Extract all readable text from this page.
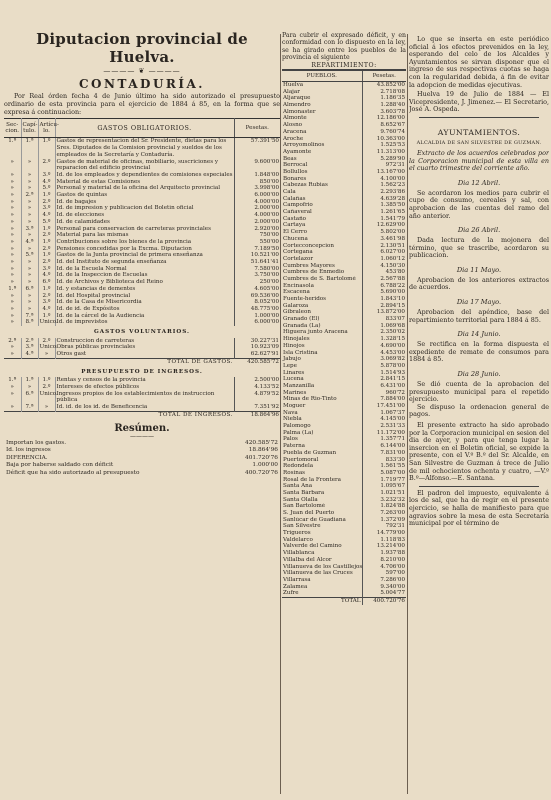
Diputacion provincial de Huelva.
———— ❦ ————
CONTADURÍA.
Por Real órden fecha 4 de Junio último ha sido autorizado el presupuesto ordinario de esta provincia para el ejercicio de 1884 á 85, en la forma que se expresa á continuacion:
Sec-cion.	Capí-tulo.	Artícu-lo.	GASTOS OBLIGATORIOS.	Pesetas.
1.ª	1.ª	1.º	Gastos de representacion del Sr. Presidente, dietas para los Sres. Diputados de la Comision provincial y sueldos de los empleados de la Secretaría y Contaduría.	57.391'50
»	»	2.º	Gastos de material de oficinas, mobiliario, suscriciones y reparacion del edificio provincial	9.600'00
»	»	3.º	Id. de los empleados y dependientes de comisiones especiales	1.848'00
»	»	4.º	Material de estas Comisiones	850'00
»	»	5.º	Personal y material de la oficina del Arquitecto provincial	3.998'00
»	2.ª	1.º	Gastos de quintas	6.000'00
»	»	2.º	Id. de bagajes	4.000'00
»	»	3.º	Id. de impresion y publicacion del Boletin oficial	2.000'00
»	»	4.º	Id. de elecciones	4.000'00
»	»	5.º	Id. de calamidades	2.000'00
»	3.ª	1.º	Personal para conservacion de carreteras provinciales	2.920'00
»	»	2.º	Material para las mismas	750'00
»	4.ª	1.º	Contribuciones sobre los bienes de la provincia	550'00
»	»	2.º	Pensiones concedidas por la Excma. Diputacion	7.189'50
»	5.ª	1.º	Gastos de la Junta provincial de primera enseñanza	10.521'00
»	»	2.º	Id. del Instituto de segunda enseñanza	51.641'41
»	»	3.º	Id. de la Escuela Normal	7.580'00
»	»	4.º	Id. de la Inspeccion de Escuelas	3.750'00
»	»	6.º	Id. de Archivos y Biblioteca del Reino	250'00
1.ª	6.ª	1.º	Id. y estancias de dementes	4.605'00
»	»	2.º	Id. del Hospital provincial	69.536'00
»	»	3.º	Id. de la Casa de Misericordia	8.052'00
»	»	4.º	Id. de id. de Expósitos	48.775'00
»	7.ª	1.º	Id. de la cárcel de la Audiencia	1.000'00
»	8.ª	Unico.	Id. de imprevistos	6.000'00
GASTOS VOLUNTARIOS.				
2.ª	2.ª	2.º	Construccion de carreteras	30.227'31
»	3.ª	Unico.	Obras públicas provinciales	10.923'09
»	4.ª	»	Otros gast	62.627'91
TOTAL DE GASTOS.				420.585'72
PRESUPUESTO DE INGRESOS.				
1.ª	1.ª	1.º	Rentas y censos de la provincia	2.500'00
»	»	2.º	Intereses de efectos públicos	4.133'52
»	6.ª	Unico.	Ingresos propios de los establecimientos de instruccion pública	4.879'52
»	7.ª	»	Id. id. de los id. de Beneficencia	7.351'92
TOTAL DE INGRESOS.				18.864'96
Resúmen.
————
Importan los gastos.	420.585'72
Id. los ingresos	18.864'96
DIFERENCIA.	401.720'76
Baja por haberse saldado con déficit	1.000'00
Déficit que ha sido autorizado al presupuesto	400.720'76
Para cubrir el expresado déficit, y en conformidad con lo dispuesto en la ley, se ha girado entre los pueblos de la provincia el siguiente
REPARTIMIENTO:
PUEBLOS.	Pesetas.
Huelva	43.852'00
Alajar	2.718'08
Aljaraque	1.186'35
Almendro	1.288'40
Almonaster	3.603'78
Almonte	12.186'00
Alosno	8.652'67
Aracena	9.760'74
Aroche	10.363'00
Arroyomolinos	1.525'53
Ayamonte	11.313'00
Beas	5.289'90
Berrocal	972'31
Bollullos	13.167'00
Bonares	4.100'00
Cabezas Rubias	1.562'23
Cala	2.293'86
Calañas	4.639'28
Campofrio	1.385'50
Cañaveral	1.261'65
Castaño	1.541'79
Cartaya	12.629'00
El Cerro	5.802'00
Chucena	3.461'98
Cortecconcepcion	2.130'51
Cortegana	6.027'00
Cortelazor	1.060'12
Cumbres Mayores	4.150'30
Cumbres de Enmedio	453'80
Cumbres de S. Bartolomé	2.567'88
Encinasola	6.788'22
Escacena	5.690'00
Fuente-heridos	1.843'10
Galaroza	2.894'15
Gibraleon	13.872'00
Granado (El)	833'07
Granada (La)	1.069'68
Higuera junto Aracena	2.350'02
Hinojales	1.328'15
Hinojos	4.690'00
Isla Cristina	4.453'00
Jabujo	3.069'82
Lepe	5.878'00
Linares	1.514'93
Lucena	2.841'15
Manzanilla	6.431'00
Marines	960'72
Minas de Rio-Tinto	7.884'00
Moguer	17.451'00
Nava	1.067'37
Niebla	4.145'00
Palomogo	2.531'33
Palma (La)	11.172'00
Palos	1.357'71
Paterna	6.144'00
Puebla de Guzman	7.831'00
Puertomoral	833'30
Redondela	1.561'55
Rosinas	5.087'00
Rosal de la Frontera	1.719'77
Santa Ana	1.095'67
Santa Bárbara	1.021'51
Santa Olalla	3.232'32
San Bartolomé	1.824'88
S. Juan del Puerto	7.263'00
Sanlúcar de Guadiana	1.372'09
San Silvestre	792'31
Trigueros	14.779'00
Valdelarco	1.118'83
Valverde del Camino	13.214'00
Villablanca	1.937'88
Villalba del Alcor	8.210'00
Villanueva de los Castillejos	4.706'00
Villanueva de las Cruces	597'00
Villarrasa	7.286'00
Zalamea	9.340'00
Zufre	5.004'77
TOTAL	400.720'76

Lo que se inserta en este periódico oficial á los efectos prevenidos en la ley, esperando del celo de los Alcaldes y Ayuntamientos se sirvan disponer que el ingreso de sus respectivas cuotas se haga con la regularidad debida, á fin de evitar la adopcion de medidas ejecutivas.

Huelva 19 de Julio de 1884 — El Vicepresidente, J. Jimenez.— El Secretario, José A. Ospeda.

AYUNTAMIENTOS.
ALCALDIA DE SAN SILVESTRE DE GUZMAN.

Extracto de los acuerdos celebrados por la Corporacion municipal de esta villa en el cuarto trimestre del corriente año.

Dia 12 Abril.

Se acordaron los medios para cubrir el cupo de consumo, cereales y sal, con aprobacion de las cuentas del ramo del año anterior.

Dia 26 Abril.

Dada lectura de la mojonera del término, que se trascribe, acordaron su publicacion.

Dia 11 Mayo.

Aprobacion de los anteriores extractos de acuerdos.

Dia 17 Mayo.

Aprobacion del apéndice, base del repartimiento territorial para 1884 á 85.

Dia 14 Junio.

Se rectifica en la forma dispuesta el expediente de remate de consumos para 1884 á 85.

Dia 28 Junio.

Se dió cuenta de la aprobacion del presupuesto municipal para el repetido ejercicio.

Se dispuso la ordenacion general de pagos.

El presente extracto ha sido aprobado por la Corporacion municipal en sesion del dia de ayer, y para que tenga lugar la insercion en el Boletin oficial, se expide la presente, con el V.º B.º del Sr. Alcalde, en San Silvestre de Guzman á trece de Julio de mil ochocientos ochenta y cuatro, —V.º B.º—Alfonso.—E. Santana.

El padron del impuesto, equivalente á los de sal, que ha de regir en el presente ejercicio, se halla de manifiesto para que agravios sobre la mesa de esta Secretaría municipal por el término de
